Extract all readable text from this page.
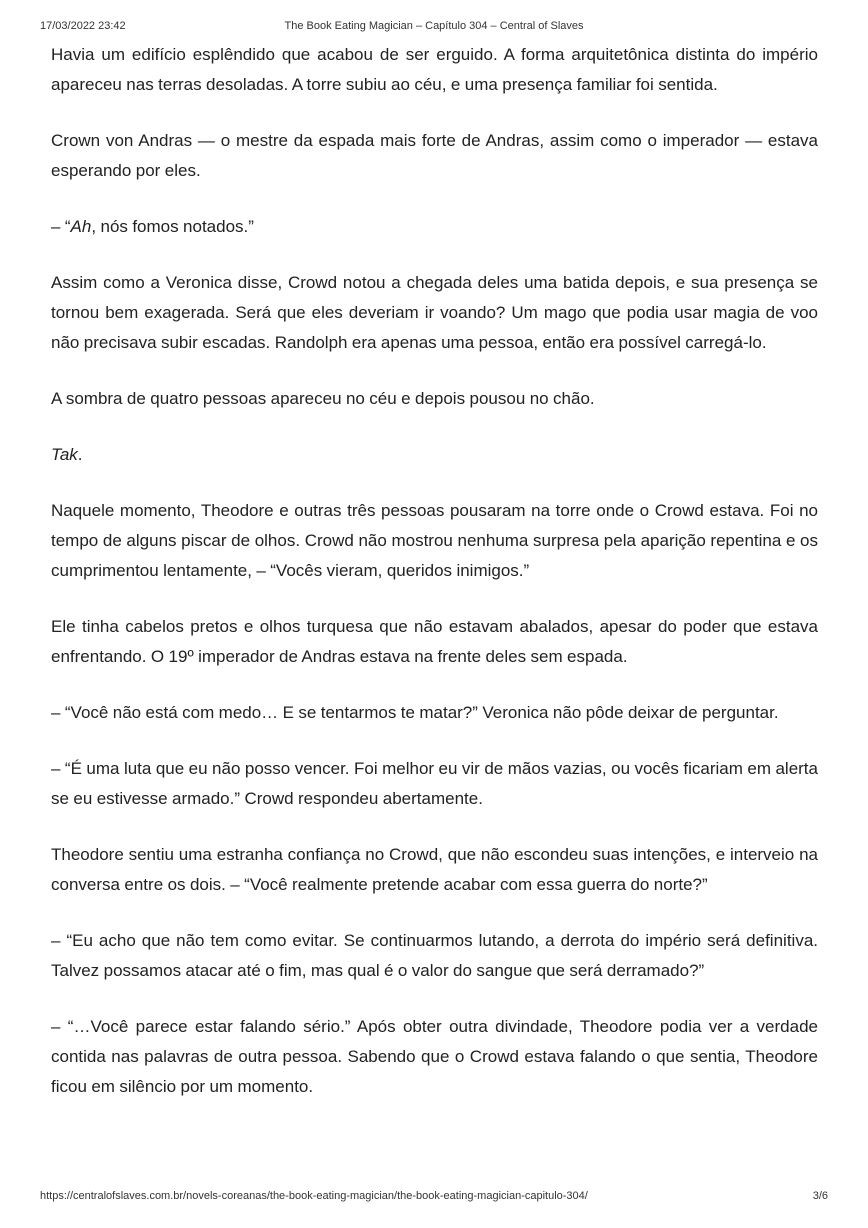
17/03/2022 23:42	The Book Eating Magician – Capítulo 304 – Central of Slaves

Havia um edifício esplêndido que acabou de ser erguido. A forma arquitetônica distinta do império apareceu nas terras desoladas. A torre subiu ao céu, e uma presença familiar foi sentida.

Crown von Andras — o mestre da espada mais forte de Andras, assim como o imperador — estava esperando por eles.

– “Ah, nós fomos notados.”

Assim como a Veronica disse, Crowd notou a chegada deles uma batida depois, e sua presença se tornou bem exagerada. Será que eles deveriam ir voando? Um mago que podia usar magia de voo não precisava subir escadas. Randolph era apenas uma pessoa, então era possível carregá-lo.

A sombra de quatro pessoas apareceu no céu e depois pousou no chão.

Tak.

Naquele momento, Theodore e outras três pessoas pousaram na torre onde o Crowd estava. Foi no tempo de alguns piscar de olhos. Crowd não mostrou nenhuma surpresa pela aparição repentina e os cumprimentou lentamente, – “Vocês vieram, queridos inimigos.”

Ele tinha cabelos pretos e olhos turquesa que não estavam abalados, apesar do poder que estava enfrentando. O 19º imperador de Andras estava na frente deles sem espada.

– “Você não está com medo… E se tentarmos te matar?” Veronica não pôde deixar de perguntar.

– “É uma luta que eu não posso vencer. Foi melhor eu vir de mãos vazias, ou vocês ficariam em alerta se eu estivesse armado.” Crowd respondeu abertamente.

Theodore sentiu uma estranha confiança no Crowd, que não escondeu suas intenções, e interveio na conversa entre os dois. – “Você realmente pretende acabar com essa guerra do norte?”

– “Eu acho que não tem como evitar. Se continuarmos lutando, a derrota do império será definitiva. Talvez possamos atacar até o fim, mas qual é o valor do sangue que será derramado?”

– “…Você parece estar falando sério.” Após obter outra divindade, Theodore podia ver a verdade contida nas palavras de outra pessoa. Sabendo que o Crowd estava falando o que sentia, Theodore ficou em silêncio por um momento.

https://centralofslaves.com.br/novels-coreanas/the-book-eating-magician/the-book-eating-magician-capitulo-304/	3/6
